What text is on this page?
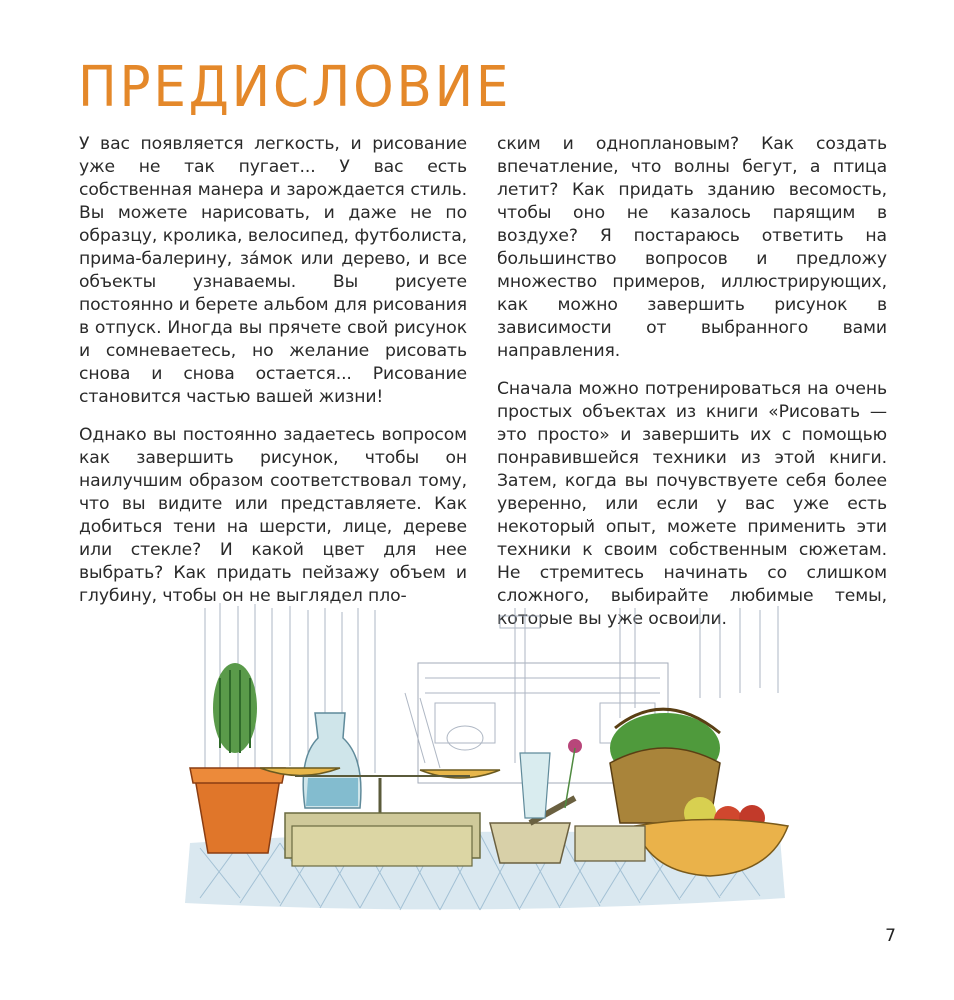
ПРЕДИСЛОВИЕ

У вас появляется легкость, и рисование уже не так пугает... У вас есть собственная манера и зарождается стиль. Вы можете нарисовать, и даже не по образцу, кролика, велосипед, футболиста, прима-балерину, за́мок или дерево, и все объекты узнаваемы. Вы рисуете постоянно и берете альбом для рисования в отпуск. Иногда вы прячете свой рисунок и сомневаетесь, но желание рисовать снова и снова остается... Рисование становится частью вашей жизни!

Однако вы постоянно задаетесь вопросом как завершить рисунок, чтобы он наилучшим образом соответствовал тому, что вы видите или представляете. Как добиться тени на шерсти, лице, дереве или стекле? И какой цвет для нее выбрать? Как придать пейзажу объем и глубину, чтобы он не выглядел пло-

ским и одноплановым? Как создать впечатление, что волны бегут, а птица летит? Как придать зданию весомость, чтобы оно не казалось парящим в воздухе? Я постараюсь ответить на большинство вопросов и предложу множество примеров, иллюстрирующих, как можно завершить рисунок в зависимости от выбранного вами направления.

Сначала можно потренироваться на очень простых объектах из книги «Рисовать — это просто» и завершить их с помощью понравившейся техники из этой книги. Затем, когда вы почувствуете себя более уверенно, или если у вас уже есть некоторый опыт, можете применить эти техники к своим собственным сюжетам. Не стремитесь начинать со слишком сложного, выбирайте любимые темы, которые вы уже освоили.

7
